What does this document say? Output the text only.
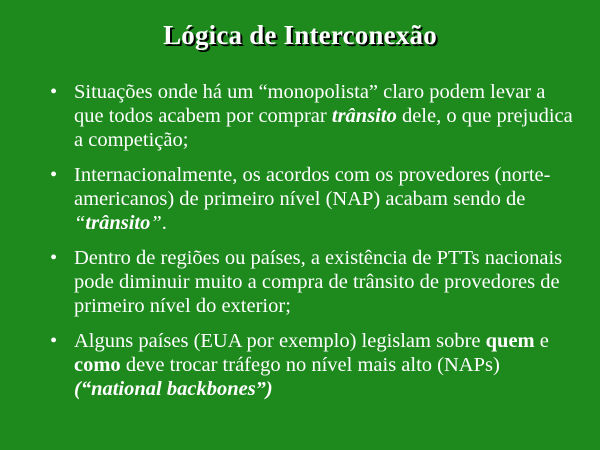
Lógica de Interconexão
• Situações onde há um “monopolista” claro podem levar a que todos acabem por comprar trânsito dele, o que prejudica a competição;
• Internacionalmente, os acordos com os provedores (norte-americanos) de primeiro nível (NAP) acabam sendo de “trânsito”.
• Dentro de regiões ou países, a existência de PTTs nacionais pode diminuir muito a compra de trânsito de provedores de primeiro nível do exterior;
• Alguns países (EUA por exemplo) legislam sobre quem e como deve trocar tráfego no nível mais alto (NAPs) (“national backbones”)
